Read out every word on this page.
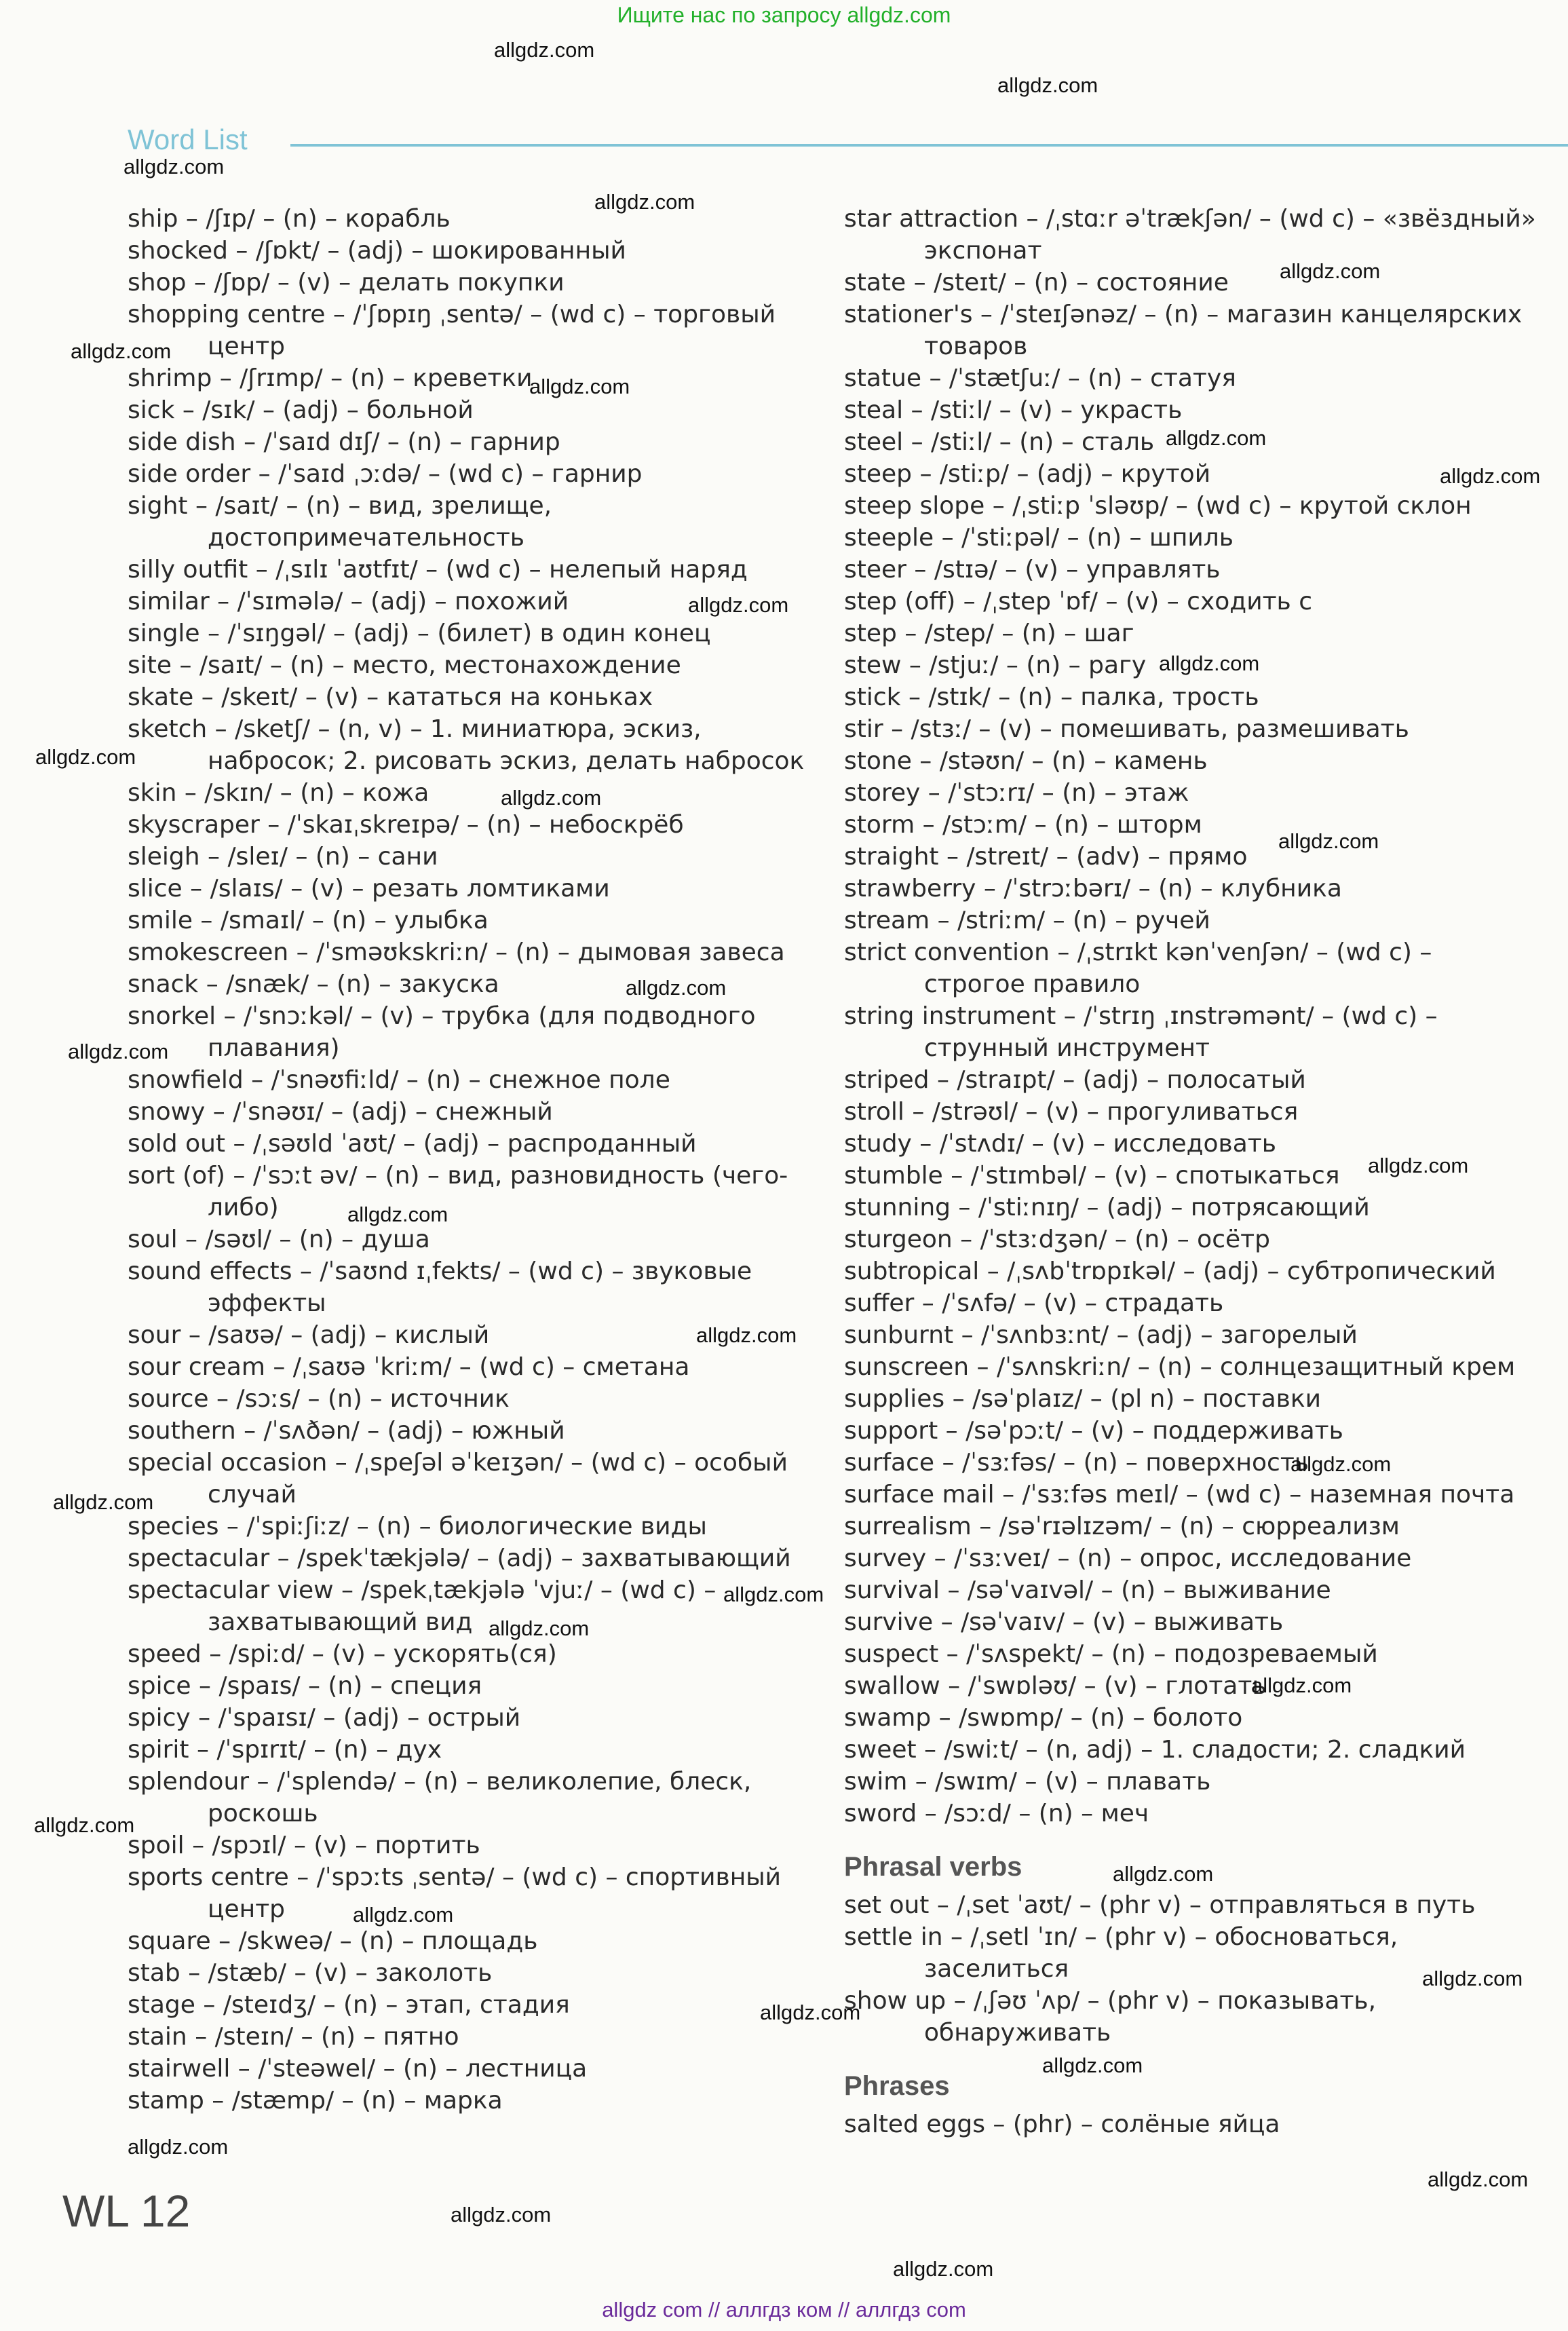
Ищите нас по запросу allgdz.com
Word List
ship – /ʃɪp/ – (n) – корабль
shocked – /ʃɒkt/ – (adj) – шокированный
shop – /ʃɒp/ – (v) – делать покупки
shopping centre – /ˈʃɒpɪŋ ˌsentə/ – (wd c) – торговый центр
shrimp – /ʃrɪmp/ – (n) – креветки
sick – /sɪk/ – (adj) – больной
side dish – /ˈsaɪd dɪʃ/ – (n) – гарнир
side order – /ˈsaɪd ˌɔːdə/ – (wd c) – гарнир
sight – /saɪt/ – (n) – вид, зрелище, достопримечательность
silly outfit – /ˌsɪlɪ ˈaʊtfɪt/ – (wd c) – нелепый наряд
similar – /ˈsɪmələ/ – (adj) – похожий
single – /ˈsɪŋgəl/ – (adj) – (билет) в один конец
site – /saɪt/ – (n) – место, местонахождение
skate – /skeɪt/ – (v) – кататься на коньках
sketch – /sketʃ/ – (n, v) – 1. миниатюра, эскиз, набросок; 2. рисовать эскиз, делать набросок
skin – /skɪn/ – (n) – кожа
skyscraper – /ˈskaɪˌskreɪpə/ – (n) – небоскрёб
sleigh – /sleɪ/ – (n) – сани
slice – /slaɪs/ – (v) – резать ломтиками
smile – /smaɪl/ – (n) – улыбка
smokescreen – /ˈsməʊkskriːn/ – (n) – дымовая завеса
snack – /snæk/ – (n) – закуска
snorkel – /ˈsnɔːkəl/ – (v) – трубка (для подводного плавания)
snowfield – /ˈsnəʊfiːld/ – (n) – снежное поле
snowy – /ˈsnəʊɪ/ – (adj) – снежный
sold out – /ˌsəʊld ˈaʊt/ – (adj) – распроданный
sort (of) – /ˈsɔːt əv/ – (n) – вид, разновидность (чего-либо)
soul – /səʊl/ – (n) – душа
sound effects – /ˈsaʊnd ɪˌfekts/ – (wd c) – звуковые эффекты
sour – /saʊə/ – (adj) – кислый
sour cream – /ˌsaʊə ˈkriːm/ – (wd c) – сметана
source – /sɔːs/ – (n) – источник
southern – /ˈsʌðən/ – (adj) – южный
special occasion – /ˌspeʃəl əˈkeɪʒən/ – (wd c) – особый случай
species – /ˈspiːʃiːz/ – (n) – биологические виды
spectacular – /spekˈtækjələ/ – (adj) – захватывающий
spectacular view – /spekˌtækjələ ˈvjuː/ – (wd c) – захватывающий вид
speed – /spiːd/ – (v) – ускорять(ся)
spice – /spaɪs/ – (n) – специя
spicy – /ˈspaɪsɪ/ – (adj) – острый
spirit – /ˈspɪrɪt/ – (n) – дух
splendour – /ˈsplendə/ – (n) – великолепие, блеск, роскошь
spoil – /spɔɪl/ – (v) – портить
sports centre – /ˈspɔːts ˌsentə/ – (wd c) – спортивный центр
square – /skweə/ – (n) – площадь
stab – /stæb/ – (v) – заколоть
stage – /steɪdʒ/ – (n) – этап, стадия
stain – /steɪn/ – (n) – пятно
stairwell – /ˈsteəwel/ – (n) – лестница
stamp – /stæmp/ – (n) – марка
star attraction – /ˌstɑːr əˈtrækʃən/ – (wd c) – «звёздный» экспонат
state – /steɪt/ – (n) – состояние
stationer's – /ˈsteɪʃənəz/ – (n) – магазин канцелярских товаров
statue – /ˈstætʃuː/ – (n) – статуя
steal – /stiːl/ – (v) – украсть
steel – /stiːl/ – (n) – сталь
steep – /stiːp/ – (adj) – крутой
steep slope – /ˌstiːp ˈsləʊp/ – (wd c) – крутой склон
steeple – /ˈstiːpəl/ – (n) – шпиль
steer – /stɪə/ – (v) – управлять
step (off) – /ˌstep ˈɒf/ – (v) – сходить с
step – /step/ – (n) – шаг
stew – /stjuː/ – (n) – рагу
stick – /stɪk/ – (n) – палка, трость
stir – /stɜː/ – (v) – помешивать, размешивать
stone – /stəʊn/ – (n) – камень
storey – /ˈstɔːrɪ/ – (n) – этаж
storm – /stɔːm/ – (n) – шторм
straight – /streɪt/ – (adv) – прямо
strawberry – /ˈstrɔːbərɪ/ – (n) – клубника
stream – /striːm/ – (n) – ручей
strict convention – /ˌstrɪkt kənˈvenʃən/ – (wd c) – строгое правило
string instrument – /ˈstrɪŋ ˌɪnstrəmənt/ – (wd c) – струнный инструмент
striped – /straɪpt/ – (adj) – полосатый
stroll – /strəʊl/ – (v) – прогуливаться
study – /ˈstʌdɪ/ – (v) – исследовать
stumble – /ˈstɪmbəl/ – (v) – спотыкаться
stunning – /ˈstiːnɪŋ/ – (adj) – потрясающий
sturgeon – /ˈstɜːdʒən/ – (n) – осётр
subtropical – /ˌsʌbˈtrɒpɪkəl/ – (adj) – субтропический
suffer – /ˈsʌfə/ – (v) – страдать
sunburnt – /ˈsʌnbɜːnt/ – (adj) – загорелый
sunscreen – /ˈsʌnskriːn/ – (n) – солнцезащитный крем
supplies – /səˈplaɪz/ – (pl n) – поставки
support – /səˈpɔːt/ – (v) – поддерживать
surface – /ˈsɜːfəs/ – (n) – поверхность
surface mail – /ˈsɜːfəs meɪl/ – (wd c) – наземная почта
surrealism – /səˈrɪəlɪzəm/ – (n) – сюрреализм
survey – /ˈsɜːveɪ/ – (n) – опрос, исследование
survival – /səˈvaɪvəl/ – (n) – выживание
survive – /səˈvaɪv/ – (v) – выживать
suspect – /ˈsʌspekt/ – (n) – подозреваемый
swallow – /ˈswɒləʊ/ – (v) – глотать
swamp – /swɒmp/ – (n) – болото
sweet – /swiːt/ – (n, adj) – 1. сладости; 2. сладкий
swim – /swɪm/ – (v) – плавать
sword – /sɔːd/ – (n) – меч
Phrasal verbs
set out – /ˌset ˈaʊt/ – (phr v) – отправляться в путь
settle in – /ˌsetl ˈɪn/ – (phr v) – обосноваться, заселиться
show up – /ˌʃəʊ ˈʌp/ – (phr v) – показывать, обнаруживать
Phrases
salted eggs – (phr) – солёные яйца
WL 12
allgdz.com
allgdz.com
allgdz.com
allgdz.com
allgdz.com
allgdz.com
allgdz.com
allgdz.com
allgdz.com
allgdz.com
allgdz.com
allgdz.com
allgdz.com
allgdz.com
allgdz.com
allgdz.com
allgdz.com
allgdz.com
allgdz.com
allgdz.com
allgdz.com
allgdz.com
allgdz.com
allgdz.com
allgdz.com
allgdz.com
allgdz.com
allgdz.com
allgdz.com
allgdz.com
allgdz.com
allgdz.com
allgdz.com
allgdz.com
allgdz com // аллгдз ком // аллгдз com
